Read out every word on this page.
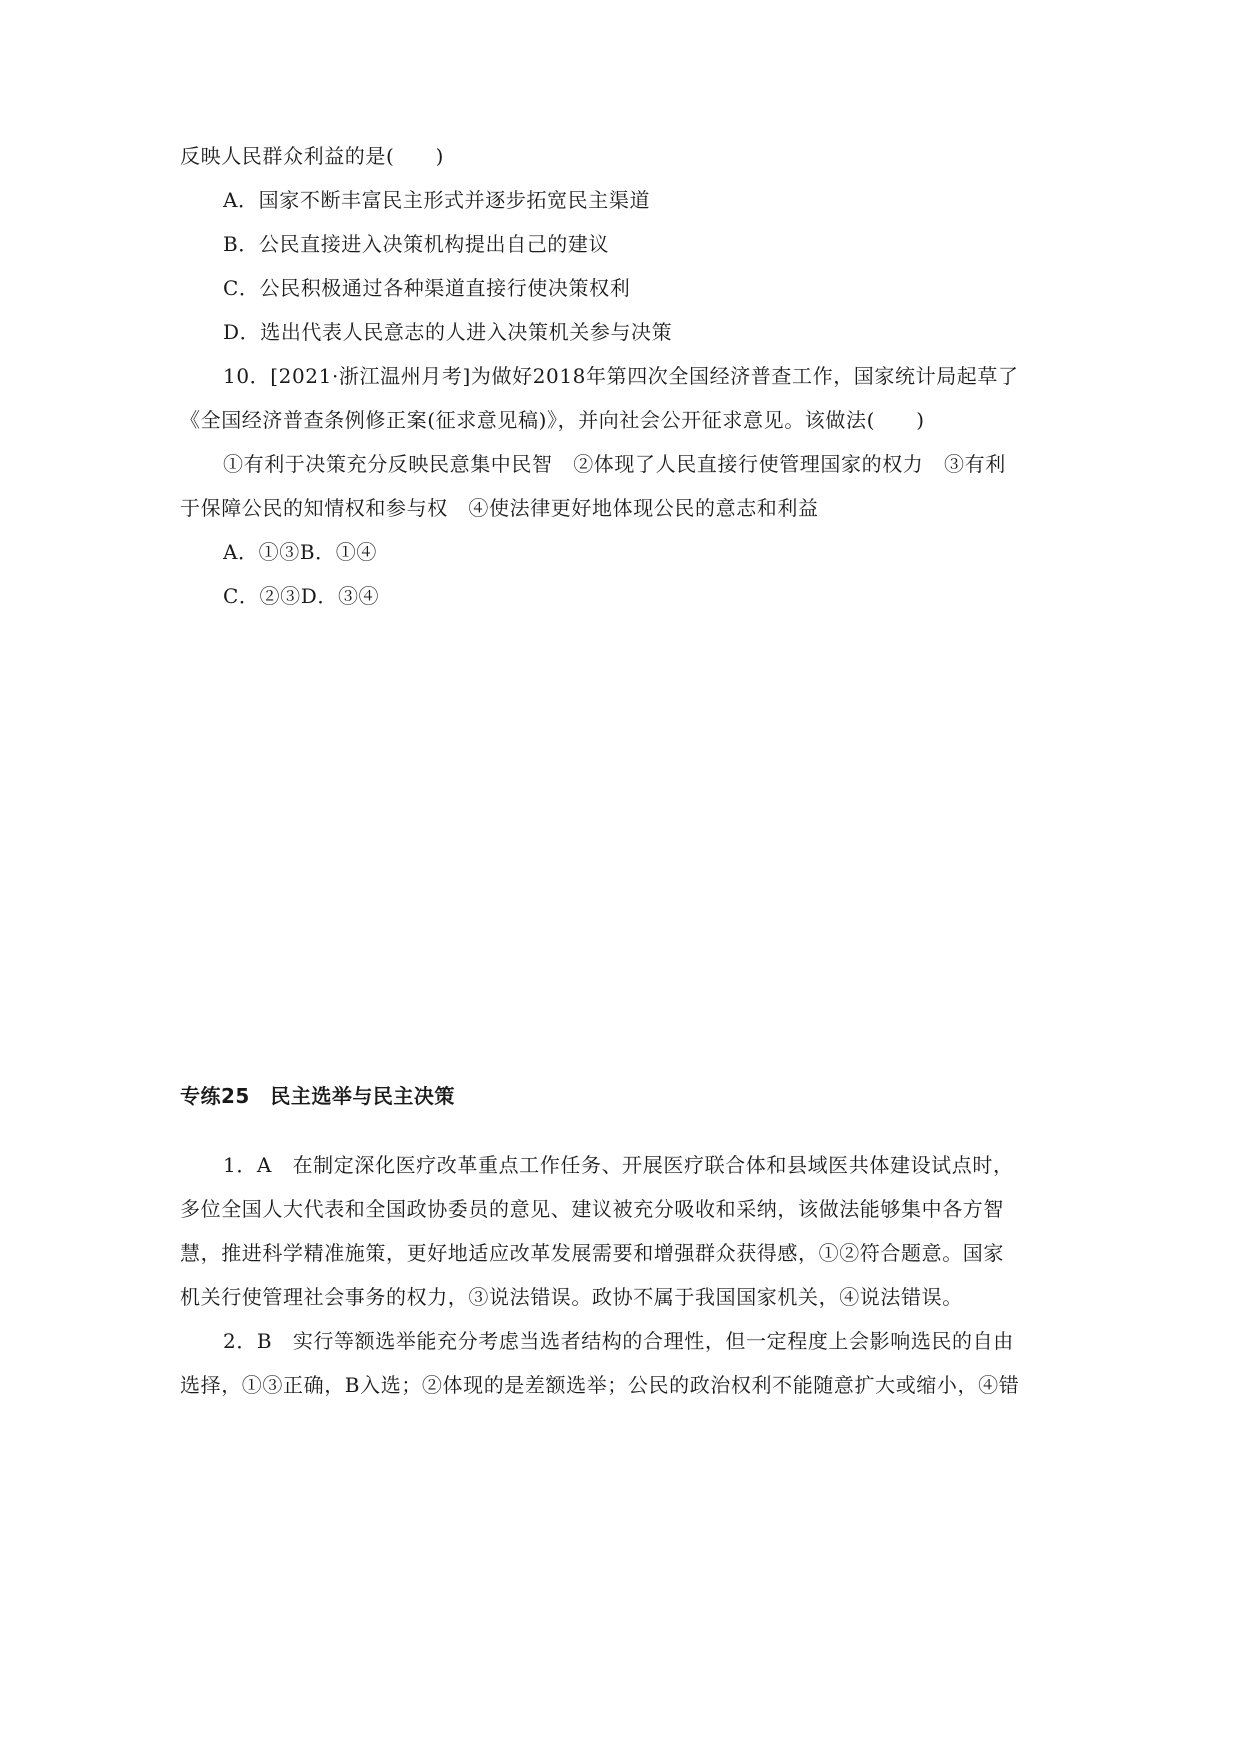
反映人民群众利益的是(　　)
A．国家不断丰富民主形式并逐步拓宽民主渠道
B．公民直接进入决策机构提出自己的建议
C．公民积极通过各种渠道直接行使决策权利
D．选出代表人民意志的人进入决策机关参与决策
10．[2021·浙江温州月考]为做好2018年第四次全国经济普查工作，国家统计局起草了
《全国经济普查条例修正案(征求意见稿)》，并向社会公开征求意见。该做法(　　)
①有利于决策充分反映民意集中民智　②体现了人民直接行使管理国家的权力　③有利
于保障公民的知情权和参与权　④使法律更好地体现公民的意志和利益
A．①③B．①④
C．②③D．③④
专练25　民主选举与民主决策
1．A　在制定深化医疗改革重点工作任务、开展医疗联合体和县域医共体建设试点时，
多位全国人大代表和全国政协委员的意见、建议被充分吸收和采纳，该做法能够集中各方智
慧，推进科学精准施策，更好地适应改革发展需要和增强群众获得感，①②符合题意。国家
机关行使管理社会事务的权力，③说法错误。政协不属于我国国家机关，④说法错误。
2．B　实行等额选举能充分考虑当选者结构的合理性，但一定程度上会影响选民的自由
选择，①③正确，B入选；②体现的是差额选举；公民的政治权利不能随意扩大或缩小，④错
